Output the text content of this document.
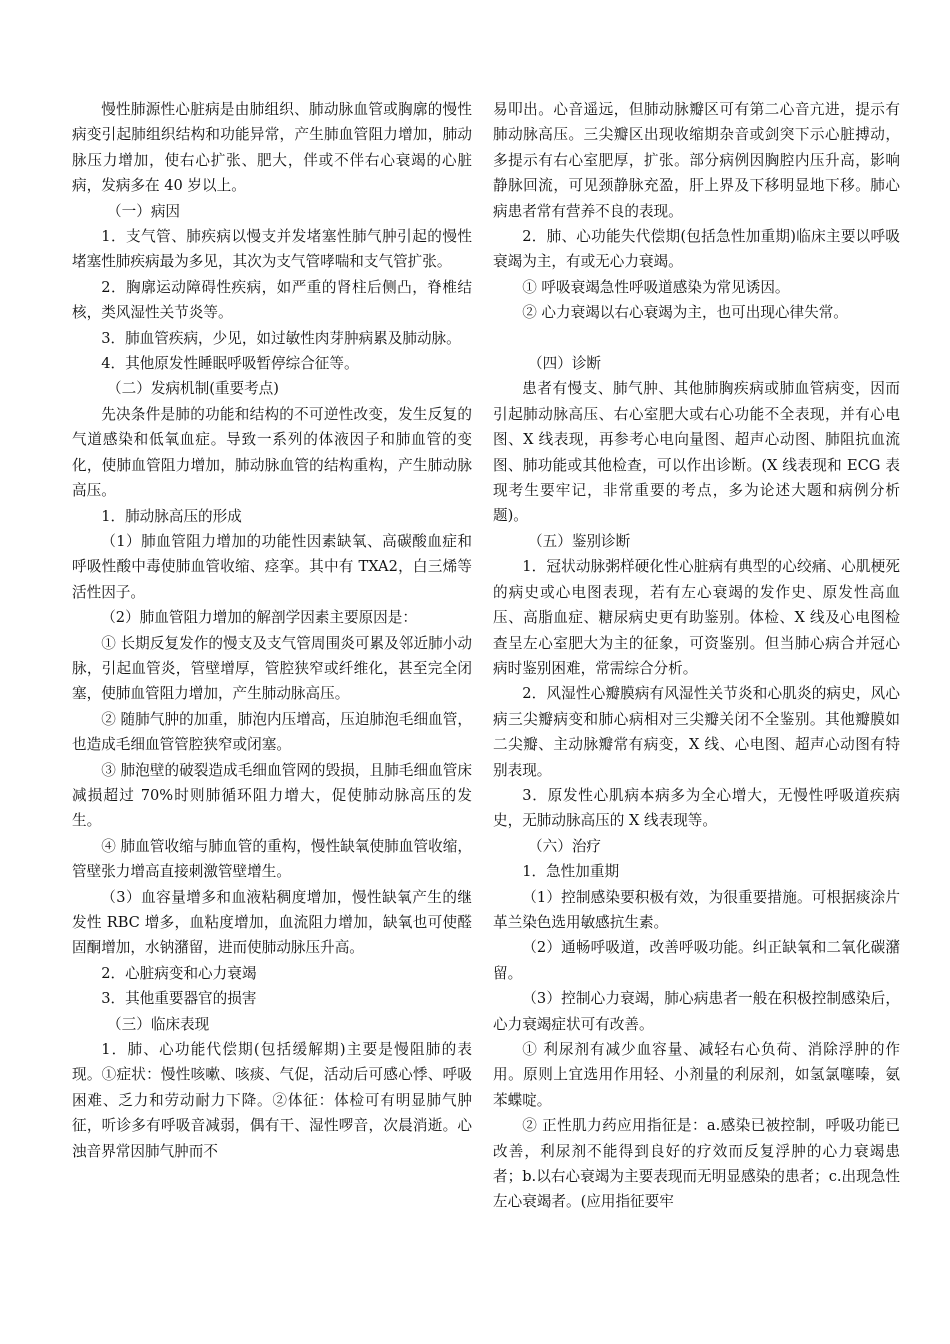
慢性肺源性心脏病是由肺组织、肺动脉血管或胸廓的慢性病变引起肺组织结构和功能异常，产生肺血管阻力增加，肺动脉压力增加，使右心扩张、肥大，伴或不伴右心衰竭的心脏病，发病多在 40 岁以上。

（一）病因

1．支气管、肺疾病以慢支并发堵塞性肺气肿引起的慢性堵塞性肺疾病最为多见，其次为支气管哮喘和支气管扩张。

2．胸廓运动障碍性疾病，如严重的肾柱后侧凸，脊椎结核，类风湿性关节炎等。

3．肺血管疾病，少见，如过敏性肉芽肿病累及肺动脉。

4．其他原发性睡眠呼吸暂停综合征等。

（二）发病机制(重要考点)

先决条件是肺的功能和结构的不可逆性改变，发生反复的气道感染和低氧血症。导致一系列的体液因子和肺血管的变化，使肺血管阻力增加，肺动脉血管的结构重构，产生肺动脉高压。

1．肺动脉高压的形成

（1）肺血管阻力增加的功能性因素缺氧、高碳酸血症和呼吸性酸中毒使肺血管收缩、痉挛。其中有 TXA2，白三烯等活性因子。

（2）肺血管阻力增加的解剖学因素主要原因是：

① 长期反复发作的慢支及支气管周围炎可累及邻近肺小动脉，引起血管炎，管壁增厚，管腔狭窄或纤维化，甚至完全闭塞，使肺血管阻力增加，产生肺动脉高压。

② 随肺气肿的加重，肺泡内压增高，压迫肺泡毛细血管，也造成毛细血管管腔狭窄或闭塞。

③ 肺泡壁的破裂造成毛细血管网的毁损，且肺毛细血管床减损超过 70%时则肺循环阻力增大，促使肺动脉高压的发生。

④ 肺血管收缩与肺血管的重构，慢性缺氧使肺血管收缩，管壁张力增高直接刺激管壁增生。

（3）血容量增多和血液粘稠度增加，慢性缺氧产生的继发性 RBC 增多，血粘度增加，血流阻力增加，缺氧也可使醛固酮增加，水钠潴留，进而使肺动脉压升高。

2．心脏病变和心力衰竭

3．其他重要器官的损害

（三）临床表现

1．肺、心功能代偿期(包括缓解期)主要是慢阻肺的表现。①症状：慢性咳嗽、咳痰、气促，活动后可感心悸、呼吸困难、乏力和劳动耐力下降。②体征：体检可有明显肺气肿征，听诊多有呼吸音减弱，偶有干、湿性啰音，次晨消逝。心浊音界常因肺气肿而不

易叩出。心音遥远，但肺动脉瓣区可有第二心音亢进，提示有肺动脉高压。三尖瓣区出现收缩期杂音或剑突下示心脏搏动，多提示有右心室肥厚，扩张。部分病例因胸腔内压升高，影响静脉回流，可见颈静脉充盈，肝上界及下移明显地下移。肺心病患者常有营养不良的表现。

2．肺、心功能失代偿期(包括急性加重期)临床主要以呼吸衰竭为主，有或无心力衰竭。

① 呼吸衰竭急性呼吸道感染为常见诱因。

② 心力衰竭以右心衰竭为主，也可出现心律失常。

（四）诊断

患者有慢支、肺气肿、其他肺胸疾病或肺血管病变，因而引起肺动脉高压、右心室肥大或右心功能不全表现，并有心电图、X 线表现，再参考心电向量图、超声心动图、肺阻抗血流图、肺功能或其他检查，可以作出诊断。(X 线表现和 ECG 表现考生要牢记，非常重要的考点，多为论述大题和病例分析题)。

（五）鉴别诊断

1．冠状动脉粥样硬化性心脏病有典型的心绞痛、心肌梗死的病史或心电图表现，若有左心衰竭的发作史、原发性高血压、高脂血症、糖尿病史更有助鉴别。体检、X 线及心电图检查呈左心室肥大为主的征象，可资鉴别。但当肺心病合并冠心病时鉴别困难，常需综合分析。

2．风湿性心瓣膜病有风湿性关节炎和心肌炎的病史，风心病三尖瓣病变和肺心病相对三尖瓣关闭不全鉴别。其他瓣膜如二尖瓣、主动脉瓣常有病变，X 线、心电图、超声心动图有特别表现。

3．原发性心肌病本病多为全心增大，无慢性呼吸道疾病史，无肺动脉高压的 X 线表现等。

（六）治疗

1．急性加重期

（1）控制感染要积极有效，为很重要措施。可根据痰涂片革兰染色选用敏感抗生素。

（2）通畅呼吸道，改善呼吸功能。纠正缺氧和二氧化碳潴留。

（3）控制心力衰竭，肺心病患者一般在积极控制感染后，心力衰竭症状可有改善。

① 利尿剂有减少血容量、减轻右心负荷、消除浮肿的作用。原则上宜选用作用轻、小剂量的利尿剂，如氢氯噻嗪，氨苯蝶啶。

② 正性肌力药应用指征是：a.感染已被控制，呼吸功能已改善，利尿剂不能得到良好的疗效而反复浮肿的心力衰竭患者；b.以右心衰竭为主要表现而无明显感染的患者；c.出现急性左心衰竭者。(应用指征要牢
